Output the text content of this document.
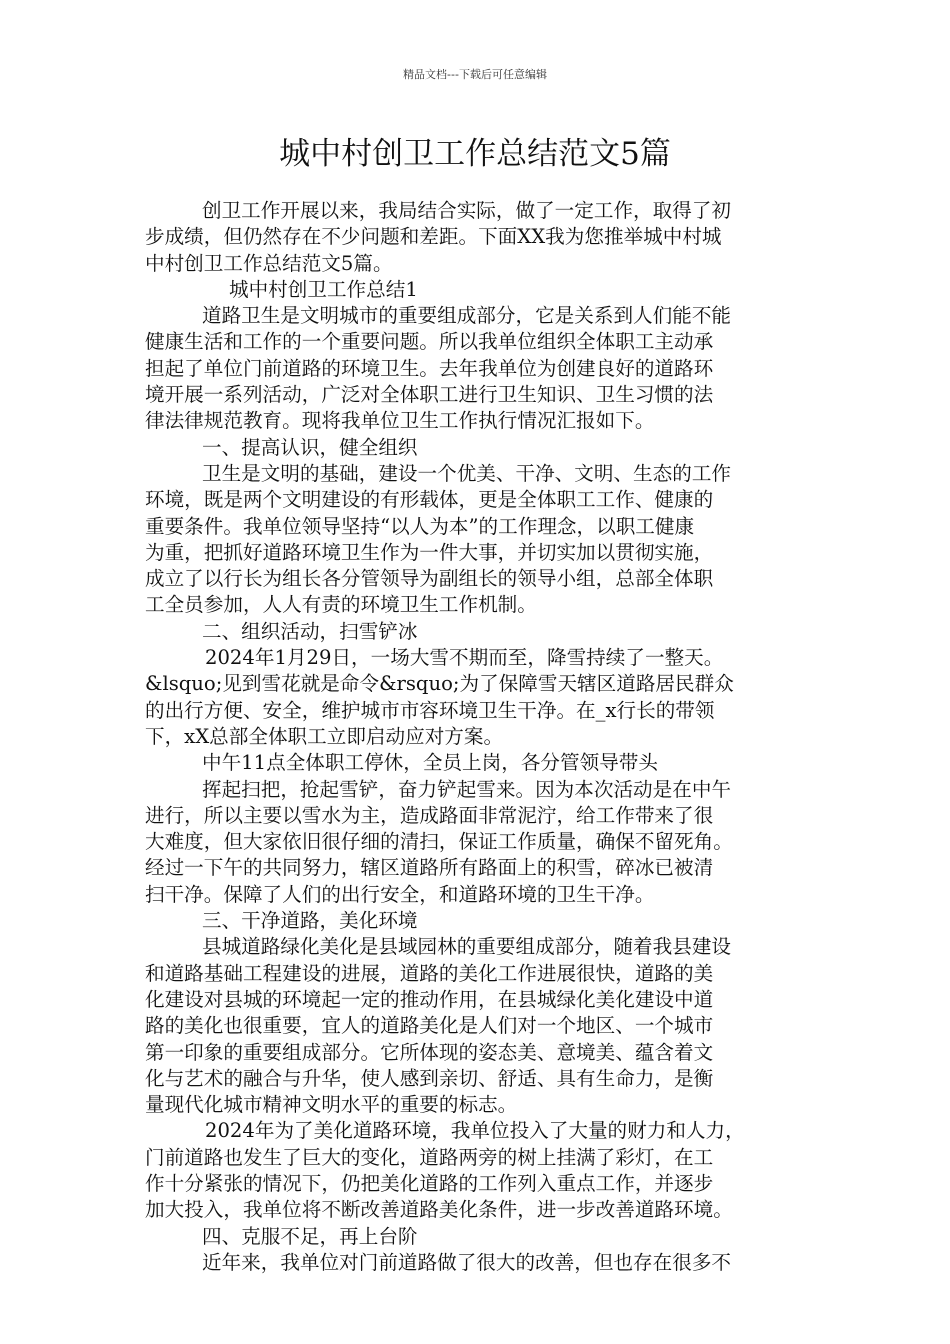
精品文档---下载后可任意编辑
城中村创卫工作总结范文5篇
创卫工作开展以来，我局结合实际，做了一定工作，取得了初
步成绩，但仍然存在不少问题和差距。下面XX我为您推举城中村城
中村创卫工作总结范文5篇。
城中村创卫工作总结1
道路卫生是文明城市的重要组成部分，它是关系到人们能不能
健康生活和工作的一个重要问题。所以我单位组织全体职工主动承
担起了单位门前道路的环境卫生。去年我单位为创建良好的道路环
境开展一系列活动，广泛对全体职工进行卫生知识、卫生习惯的法
律法律规范教育。现将我单位卫生工作执行情况汇报如下。
一、提高认识，健全组织
卫生是文明的基础，建设一个优美、干净、文明、生态的工作
环境，既是两个文明建设的有形载体，更是全体职工工作、健康的
重要条件。我单位领导坚持“以人为本”的工作理念，以职工健康
为重，把抓好道路环境卫生作为一件大事，并切实加以贯彻实施，
成立了以行长为组长各分管领导为副组长的领导小组，总部全体职
工全员参加，人人有责的环境卫生工作机制。
二、组织活动，扫雪铲冰
2024年1月29日，一场大雪不期而至，降雪持续了一整天。
&lsquo;见到雪花就是命令&rsquo;为了保障雪天辖区道路居民群众
的出行方便、安全，维护城市市容环境卫生干净。在_x行长的带领
下，xX总部全体职工立即启动应对方案。
中午11点全体职工停休，全员上岗，各分管领导带头
挥起扫把，抢起雪铲，奋力铲起雪来。因为本次活动是在中午
进行，所以主要以雪水为主，造成路面非常泥泞，给工作带来了很
大难度，但大家依旧很仔细的清扫，保证工作质量，确保不留死角。
经过一下午的共同努力，辖区道路所有路面上的积雪，碎冰已被清
扫干净。保障了人们的出行安全，和道路环境的卫生干净。
三、干净道路，美化环境
县城道路绿化美化是县域园林的重要组成部分，随着我县建设
和道路基础工程建设的进展，道路的美化工作进展很快，道路的美
化建设对县城的环境起一定的推动作用，在县城绿化美化建设中道
路的美化也很重要，宜人的道路美化是人们对一个地区、一个城市
第一印象的重要组成部分。它所体现的姿态美、意境美、蕴含着文
化与艺术的融合与升华，使人感到亲切、舒适、具有生命力，是衡
量现代化城市精神文明水平的重要的标志。
2024年为了美化道路环境，我单位投入了大量的财力和人力，
门前道路也发生了巨大的变化，道路两旁的树上挂满了彩灯，在工
作十分紧张的情况下，仍把美化道路的工作列入重点工作，并逐步
加大投入，我单位将不断改善道路美化条件，进一步改善道路环境。
四、克服不足，再上台阶
近年来，我单位对门前道路做了很大的改善，但也存在很多不
